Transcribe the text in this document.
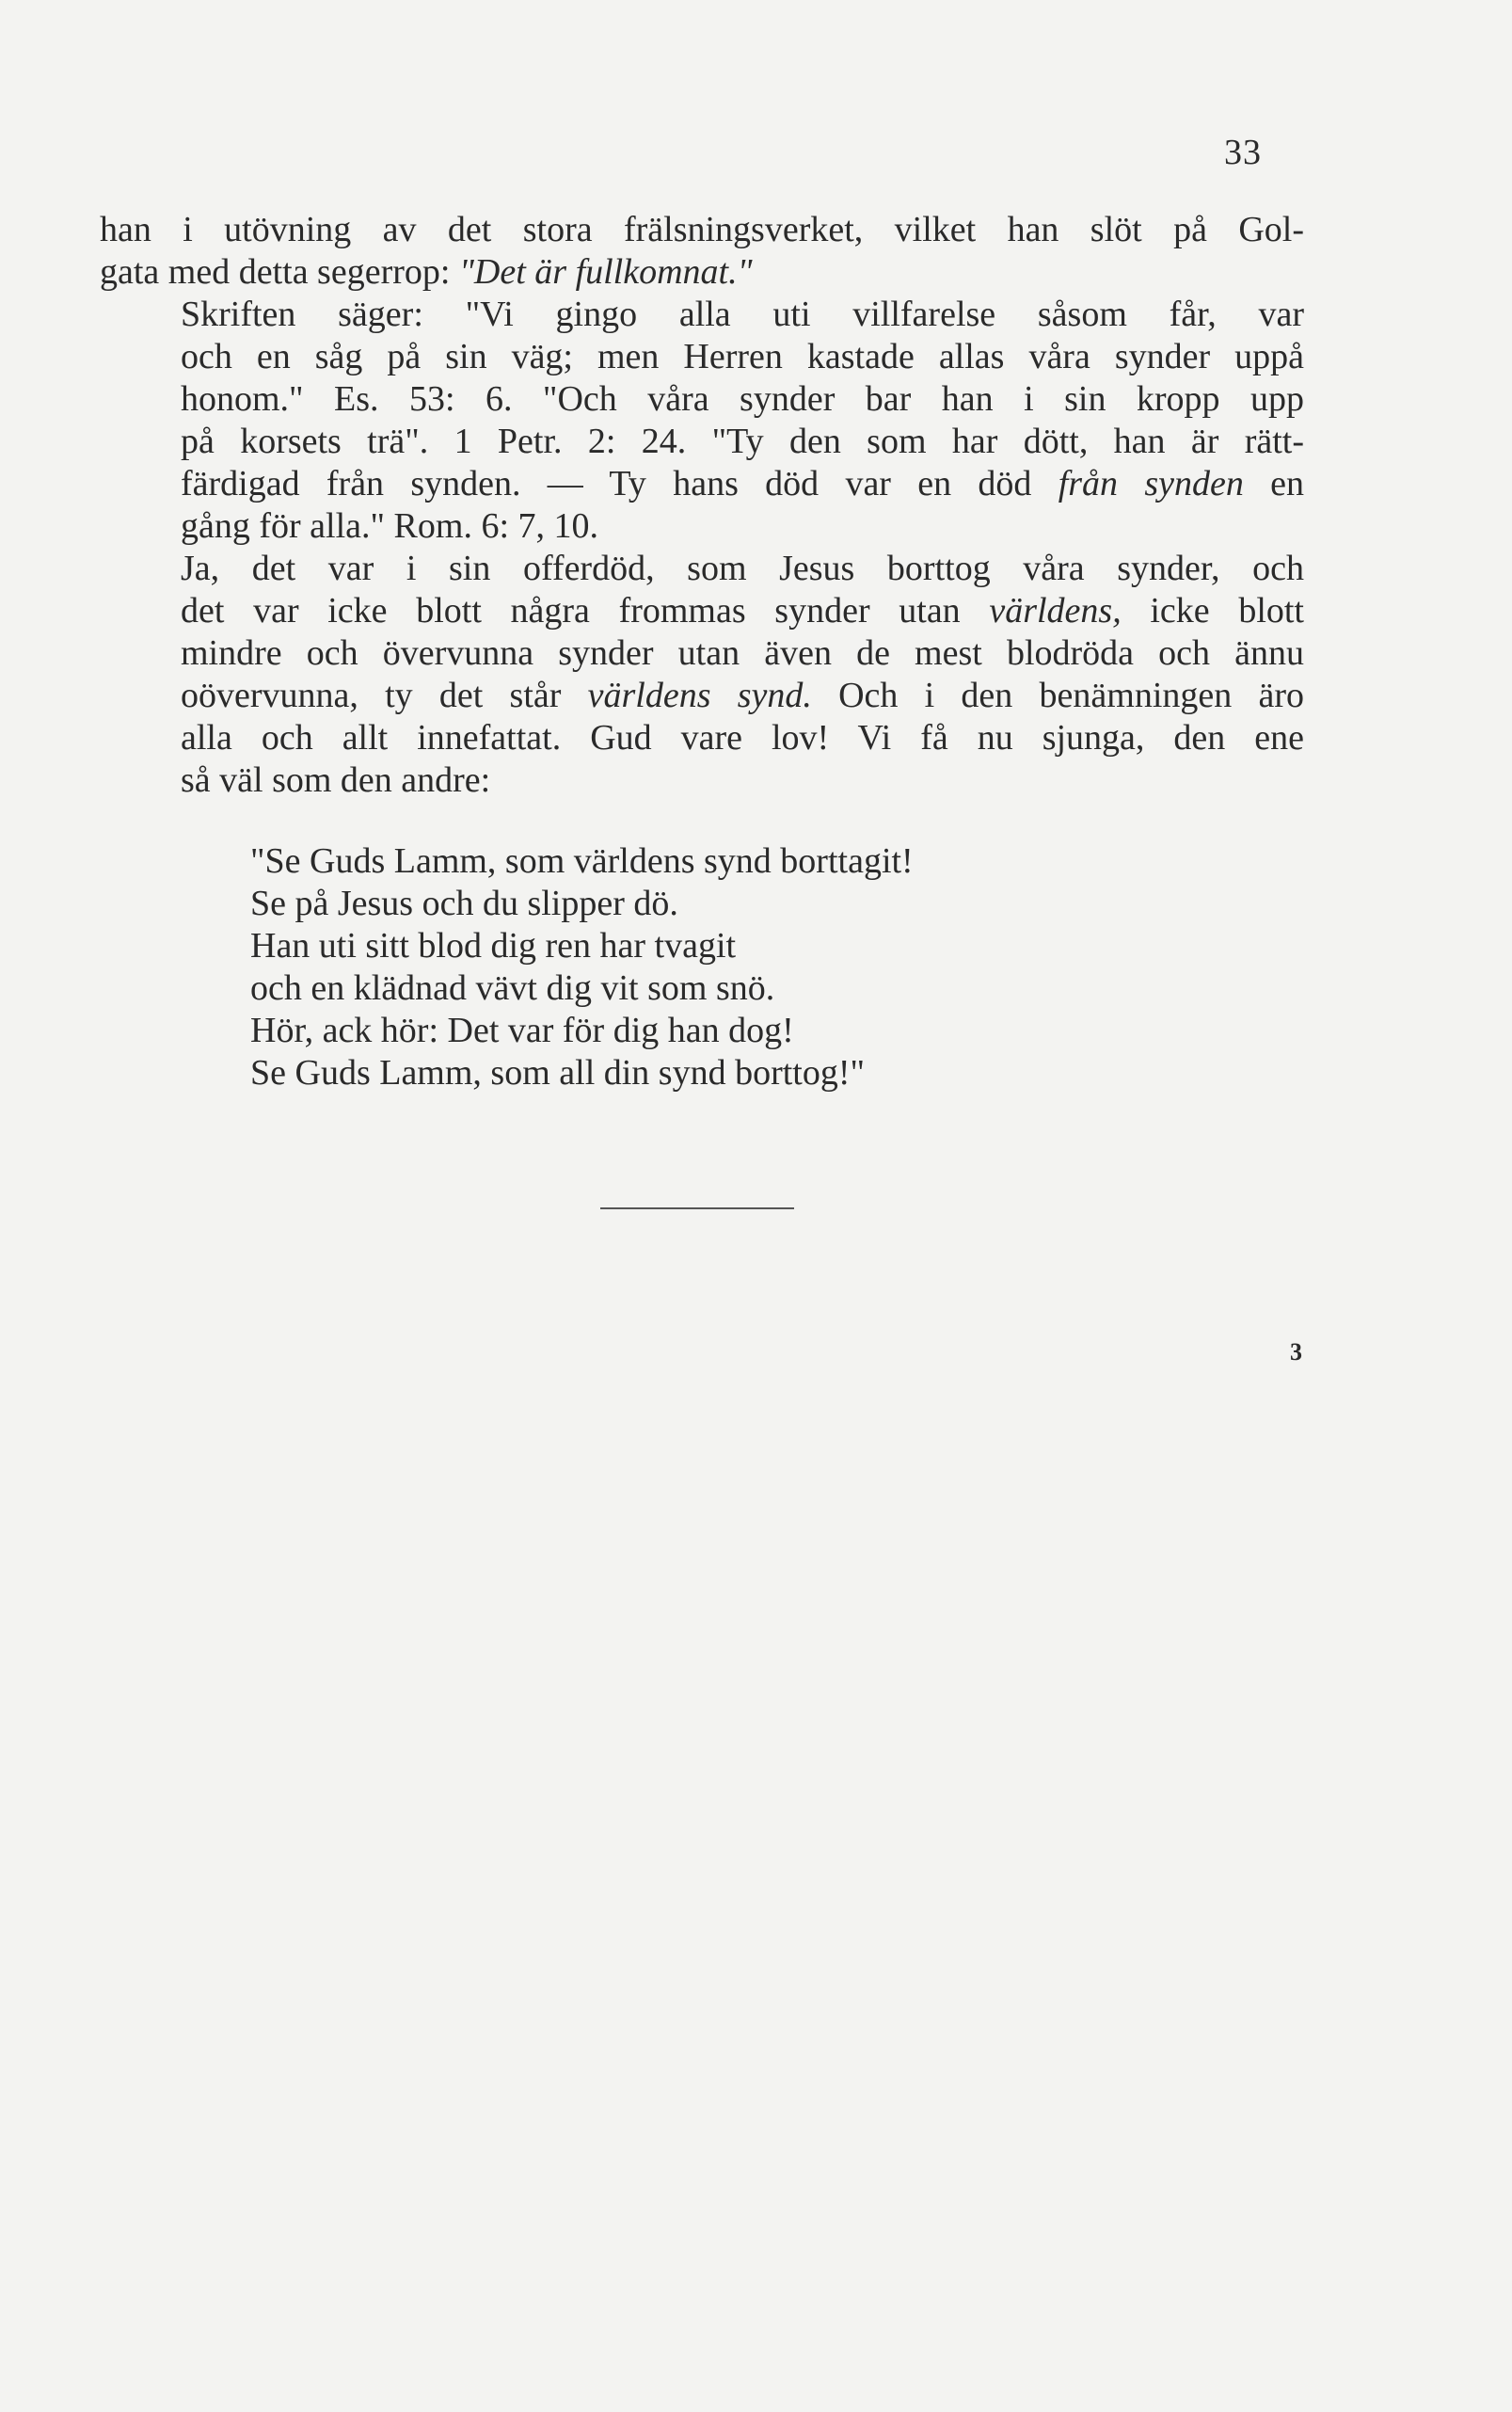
33

han i utövning av det stora frälsningsverket, vilket han slöt på Gol-
gata med detta segerrop: "Det är fullkomnat."

Skriften säger: "Vi gingo alla uti villfarelse såsom får, var
och en såg på sin väg; men Herren kastade allas våra synder uppå
honom." Es. 53: 6. "Och våra synder bar han i sin kropp upp
på korsets trä". 1 Petr. 2: 24. "Ty den som har dött, han är rätt-
färdigad från synden. — Ty hans död var en död från synden en
gång för alla." Rom. 6: 7, 10.

Ja, det var i sin offerdöd, som Jesus borttog våra synder, och
det var icke blott några frommas synder utan världens, icke blott
mindre och övervunna synder utan även de mest blodröda och ännu
oövervunna, ty det står världens synd. Och i den benämningen äro
alla och allt innefattat. Gud vare lov! Vi få nu sjunga, den ene
så väl som den andre:

"Se Guds Lamm, som världens synd borttagit!
Se på Jesus och du slipper dö.
Han uti sitt blod dig ren har tvagit
och en klädnad vävt dig vit som snö.
Hör, ack hör: Det var för dig han dog!
Se Guds Lamm, som all din synd borttog!"
3
